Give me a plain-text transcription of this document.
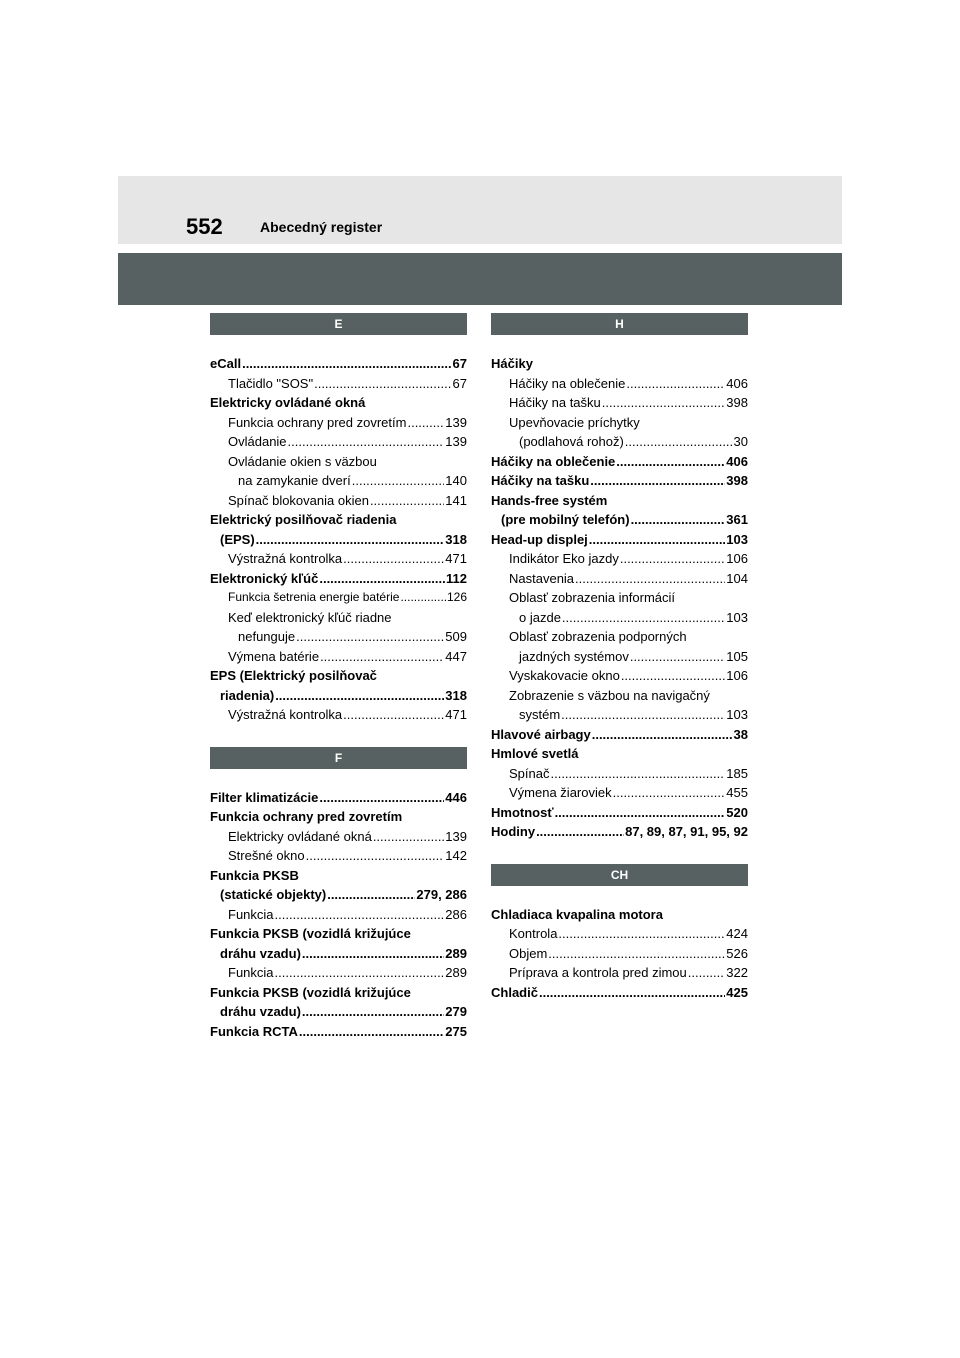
552	Abecedný register
E
eCall .....	67
Tlačidlo "SOS" .....	67
Elektricky ovládané okná
Funkcia ochrany pred zovretím .....	139
Ovládanie .....	139
Ovládanie okien s väzbou
na zamykanie dverí .....	140
Spínač blokovania okien .....	141
Elektrický posilňovač riadenia
(EPS) .....	318
Výstražná kontrolka .....	471
Elektronický kľúč .....	112
Funkcia šetrenia energie batérie .....	126
Keď elektronický kľúč riadne
nefunguje .....	509
Výmena batérie .....	447
EPS (Elektrický posilňovač
riadenia) .....	318
Výstražná kontrolka .....	471
F
Filter klimatizácie .....	446
Funkcia ochrany pred zovretím
Elektricky ovládané okná .....	139
Strešné okno .....	142
Funkcia PKSB
(statické objekty) .....	279, 286
Funkcia .....	286
Funkcia PKSB (vozidlá križujúce
dráhu vzadu) .....	289
Funkcia .....	289
Funkcia PKSB (vozidlá križujúce
dráhu vzadu) .....	279
Funkcia RCTA .....	275
H
Háčiky
Háčiky na oblečenie .....	406
Háčiky na tašku .....	398
Upevňovacie príchytky
(podlahová rohož) .....	30
Háčiky na oblečenie .....	406
Háčiky na tašku .....	398
Hands-free systém
(pre mobilný telefón) .....	361
Head-up displej .....	103
Indikátor Eko jazdy .....	106
Nastavenia .....	104
Oblasť zobrazenia informácií
o jazde .....	103
Oblasť zobrazenia podporných
jazdných systémov .....	105
Vyskakovacie okno .....	106
Zobrazenie s väzbou na navigačný
systém .....	103
Hlavové airbagy .....	38
Hmlové svetlá
Spínač .....	185
Výmena žiaroviek .....	455
Hmotnosť .....	520
Hodiny .....	87, 89, 87, 91, 95, 92
CH
Chladiaca kvapalina motora
Kontrola .....	424
Objem .....	526
Príprava a kontrola pred zimou .....	322
Chladič .....	425
